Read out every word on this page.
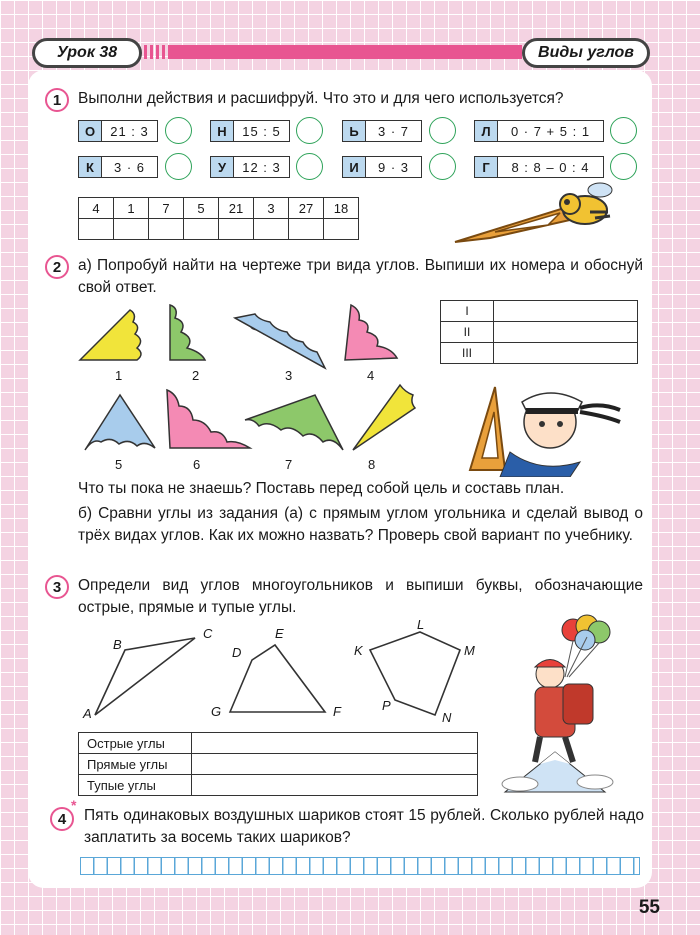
Урок 38	Виды углов
1	Выполни действия и расшифруй. Что это и для чего используется?
О	21 : 3	Н	15 : 5	Ь	3 · 7	Л	0 · 7 + 5 : 1
К	3 · 6	У	12 : 3	И	9 · 3	Г	8 : 8 – 0 : 4
4	1	7	5	21	3	27	18

2	а) Попробуй найти на чертеже три вида углов. Выпиши их номера и обоснуй свой ответ.
I	
II	
III	
1	2	3	4
5	6	7	8
Что ты пока не знаешь? Поставь перед собой цель и составь план.
б) Сравни углы из задания (а) с прямым углом угольника и сделай вывод о трёх видах углов. Как их можно назвать? Проверь свой вариант по учебнику.
3	Определи вид углов многоугольников и выпиши буквы, обозначающие острые, прямые и тупые углы.
B
C
A
E
D
G	F
L
K	M
P
N
Острые углы	
Прямые углы	
Тупые углы	
4
*
Пять одинаковых воздушных шариков стоят 15 рублей. Сколько рублей надо заплатить за восемь таких шариков?
55
